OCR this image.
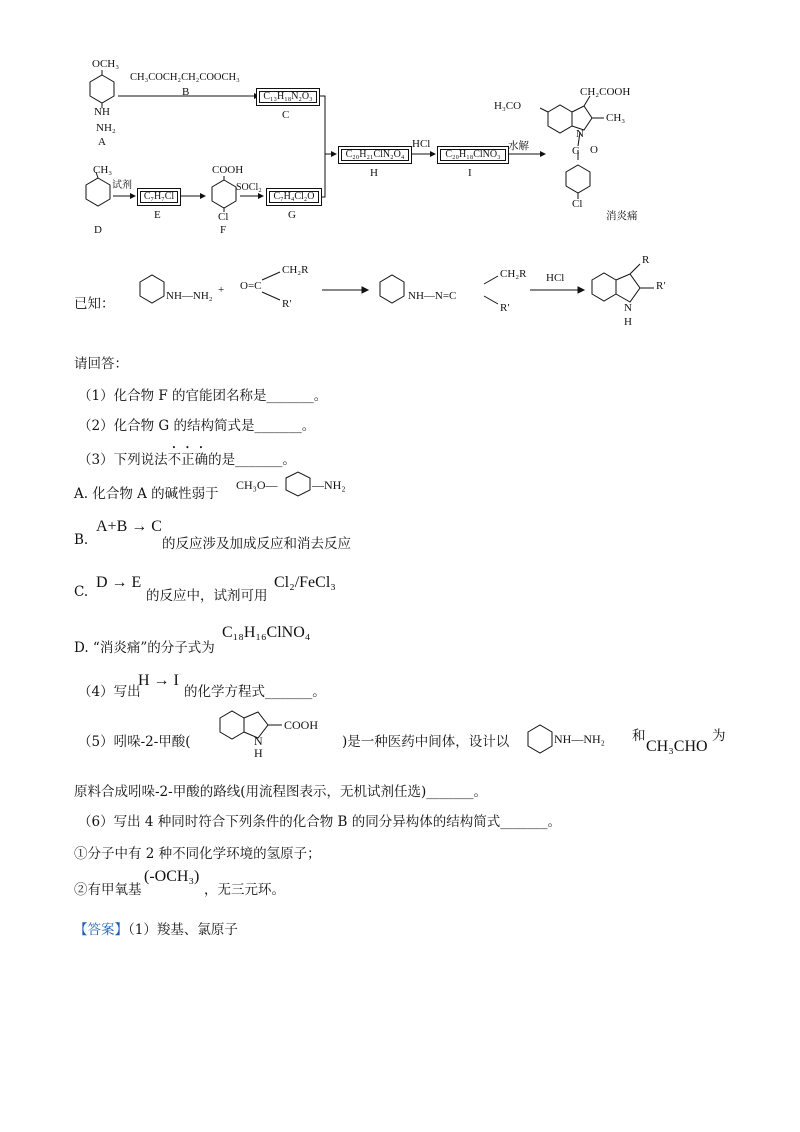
OCH₃
NH
NH₂
A
CH₃COCH₂CH₂COOCH₃
B	C₁₃H₁₈N₂O₃
C
CH₃
D
试剂
C₇H₇Cl
E
COOH
Cl
F
SOCl₂
C₇H₄Cl₂O
G
C₂₀H₂₁ClN₂O₄
H
HCl
C₂₀H₁₈ClNO₃
I
水解
H₃CO
CH₂COOH
CH₃
N
C O
Cl
消炎痛
已知：	NH—NH₂ +
CH₂R
O=C
R′
NH—N=C
CH₂R
R′
HCl
R
R′
N
H
请回答：
（1）化合物 F 的官能团名称是_______。
（2）化合物 G 的结构简式是_______。
（3）下列说法不正确的是_______。
A. 化合物 A 的碱性弱于
CH₃O—	—NH₂
B.
A+B → C
的反应涉及加成反应和消去反应
C.
D → E
的反应中，试剂可用
Cl₂/FeCl₃
D. “消炎痛”的分子式为
C₁₈H₁₆ClNO₄
（4）写出
H → I
的化学方程式_______。
（5）吲哚-2-甲酸(
COOH
N
H
)是一种医药中间体，设计以	NH—NH₂ 和
CH₃CHO
为
原料合成吲哚-2-甲酸的路线(用流程图表示，无机试剂任选)_______。
（6）写出 4 种同时符合下列条件的化合物 B 的同分异构体的结构简式_______。
①分子中有 2 种不同化学环境的氢原子；
②有甲氧基
(-OCH₃)
，无三元环。
【答案】（1）羧基、氯原子
